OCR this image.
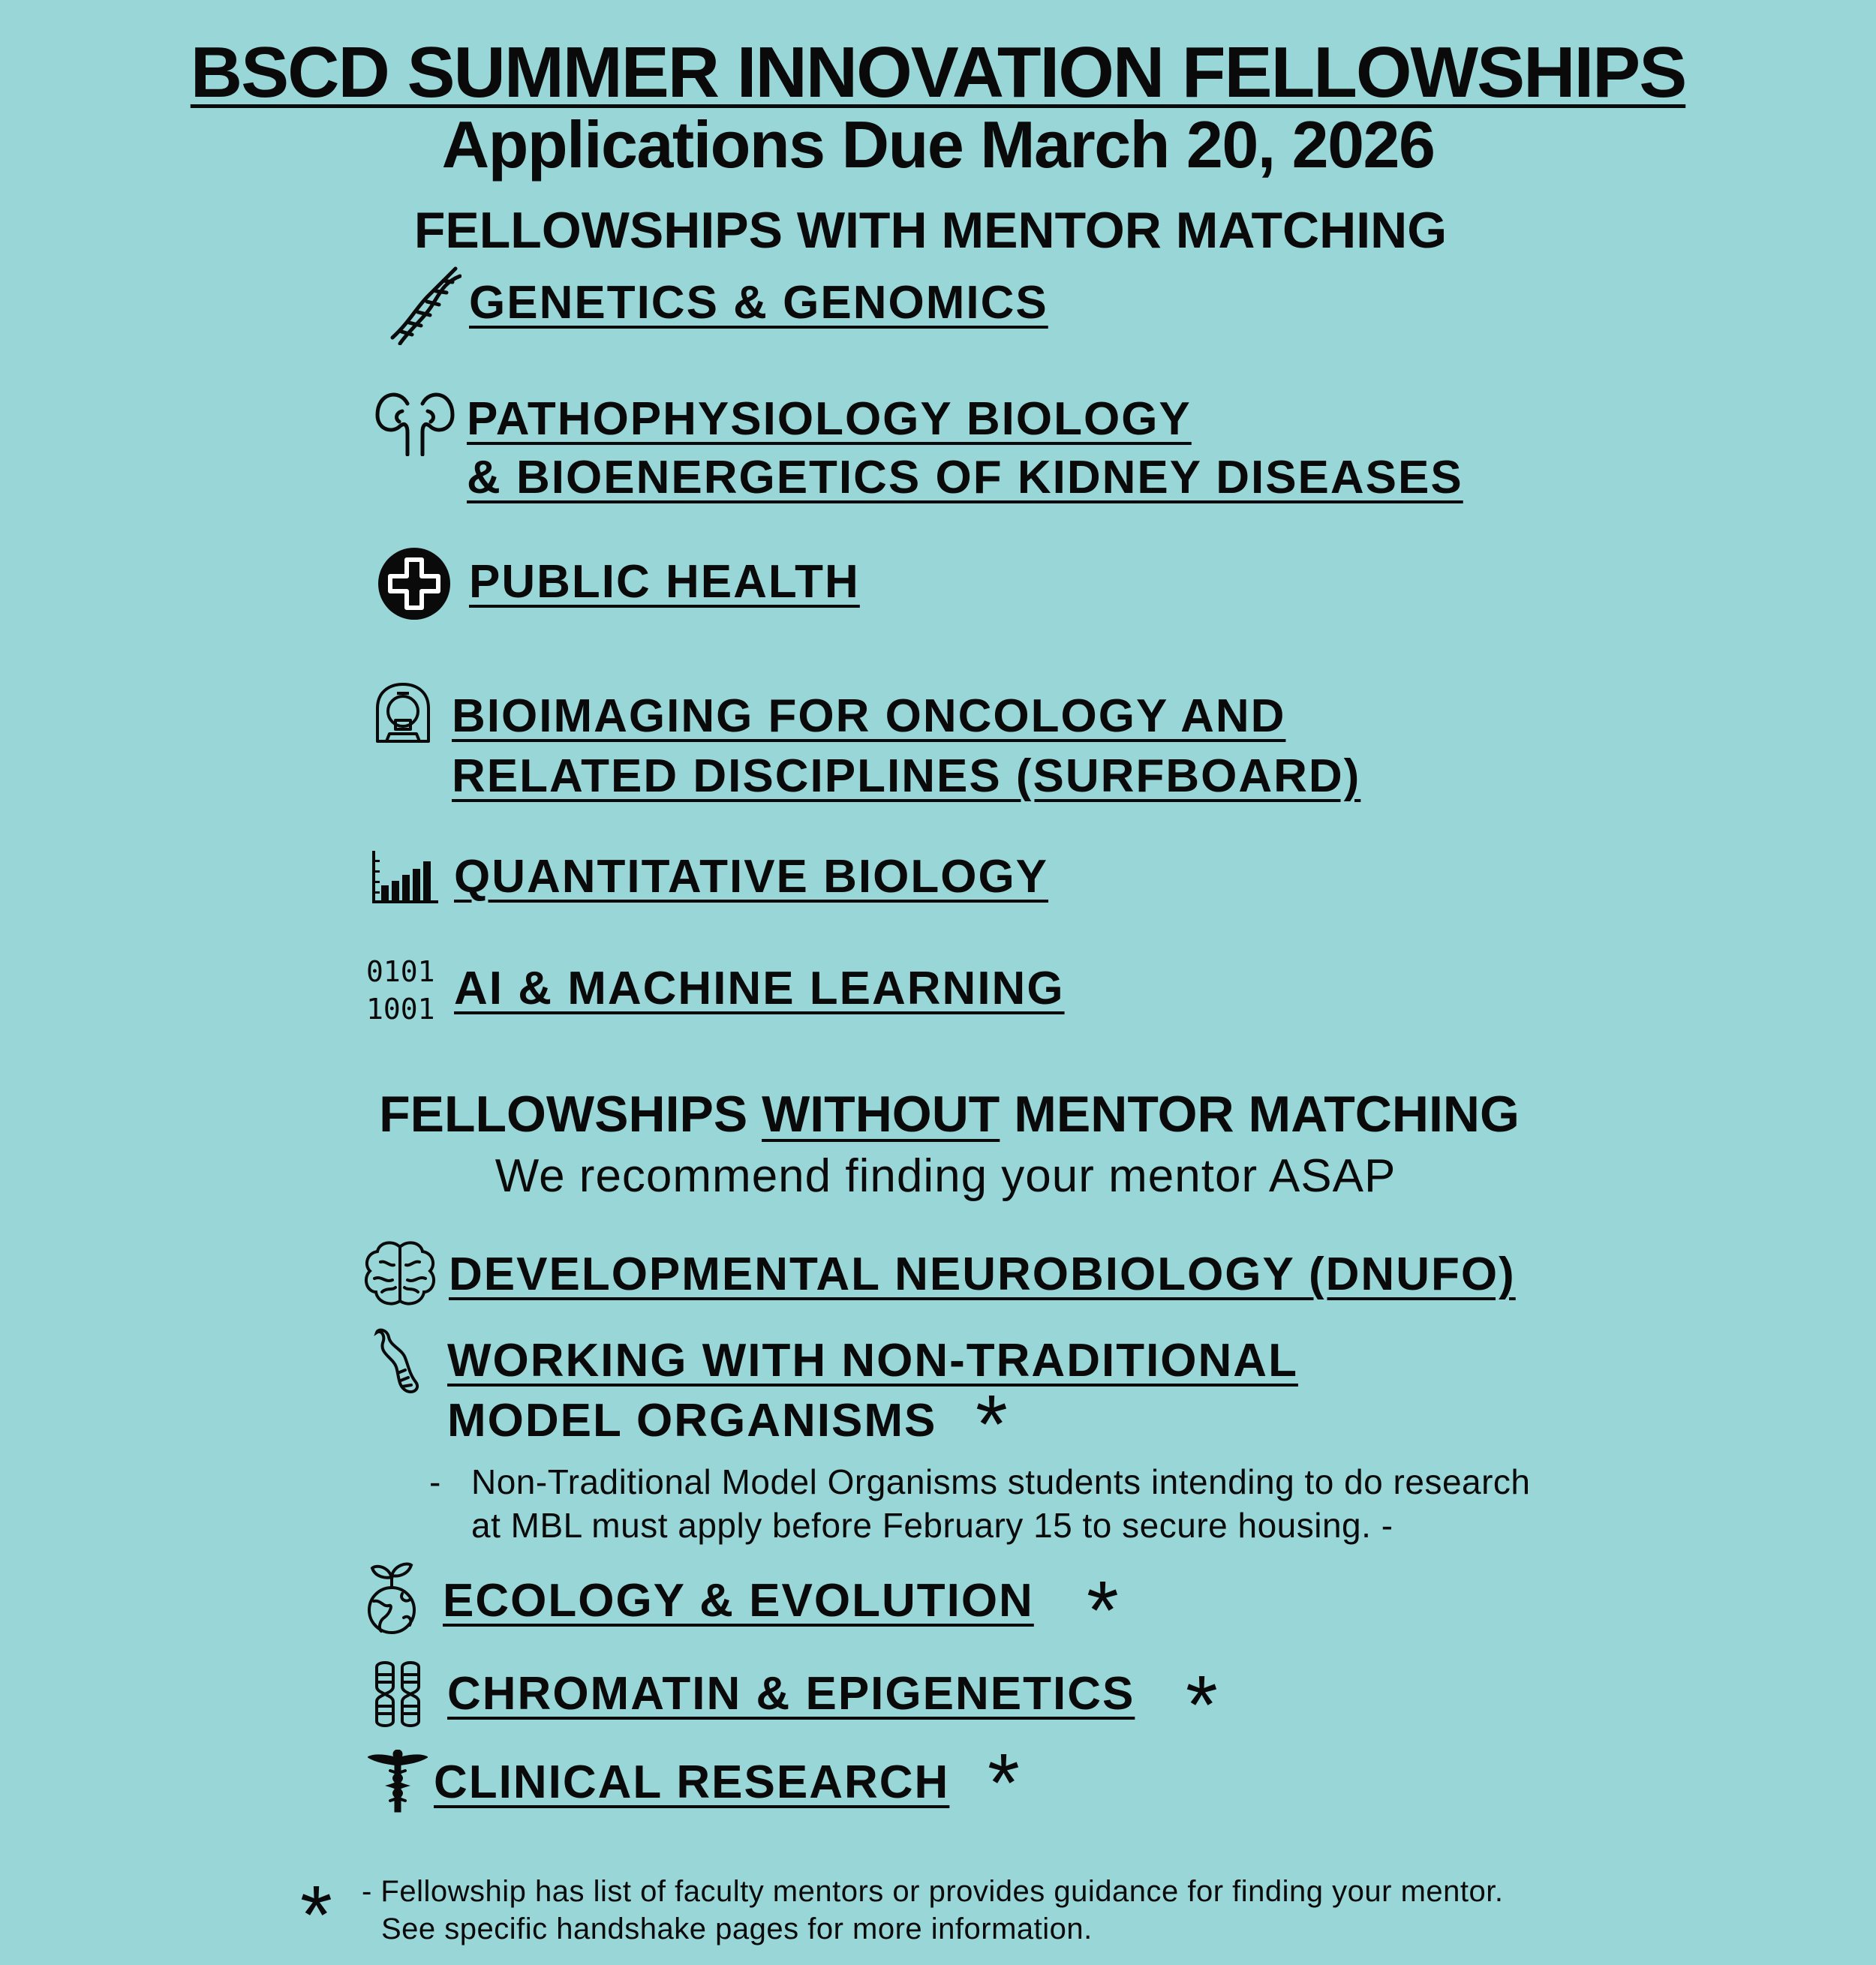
BSCD SUMMER INNOVATION FELLOWSHIPS
Applications Due March 20, 2026
FELLOWSHIPS WITH MENTOR MATCHING
GENETICS & GENOMICS
PATHOPHYSIOLOGY BIOLOGY
& BIOENERGETICS OF KIDNEY DISEASES
PUBLIC HEALTH
BIOIMAGING FOR ONCOLOGY AND
RELATED DISCIPLINES (SURFBOARD)
QUANTITATIVE BIOLOGY
0101
1001 AI & MACHINE LEARNING
FELLOWSHIPS WITHOUT MENTOR MATCHING
We recommend finding your mentor ASAP
DEVELOPMENTAL NEUROBIOLOGY (DNUFO)
WORKING WITH NON-TRADITIONAL
MODEL ORGANISMS *
- Non-Traditional Model Organisms students intending to do research
at MBL must apply before February 15 to secure housing. -
ECOLOGY & EVOLUTION *
CHROMATIN & EPIGENETICS *
CLINICAL RESEARCH *
* - Fellowship has list of faculty mentors or provides guidance for finding your mentor.
See specific handshake pages for more information.
